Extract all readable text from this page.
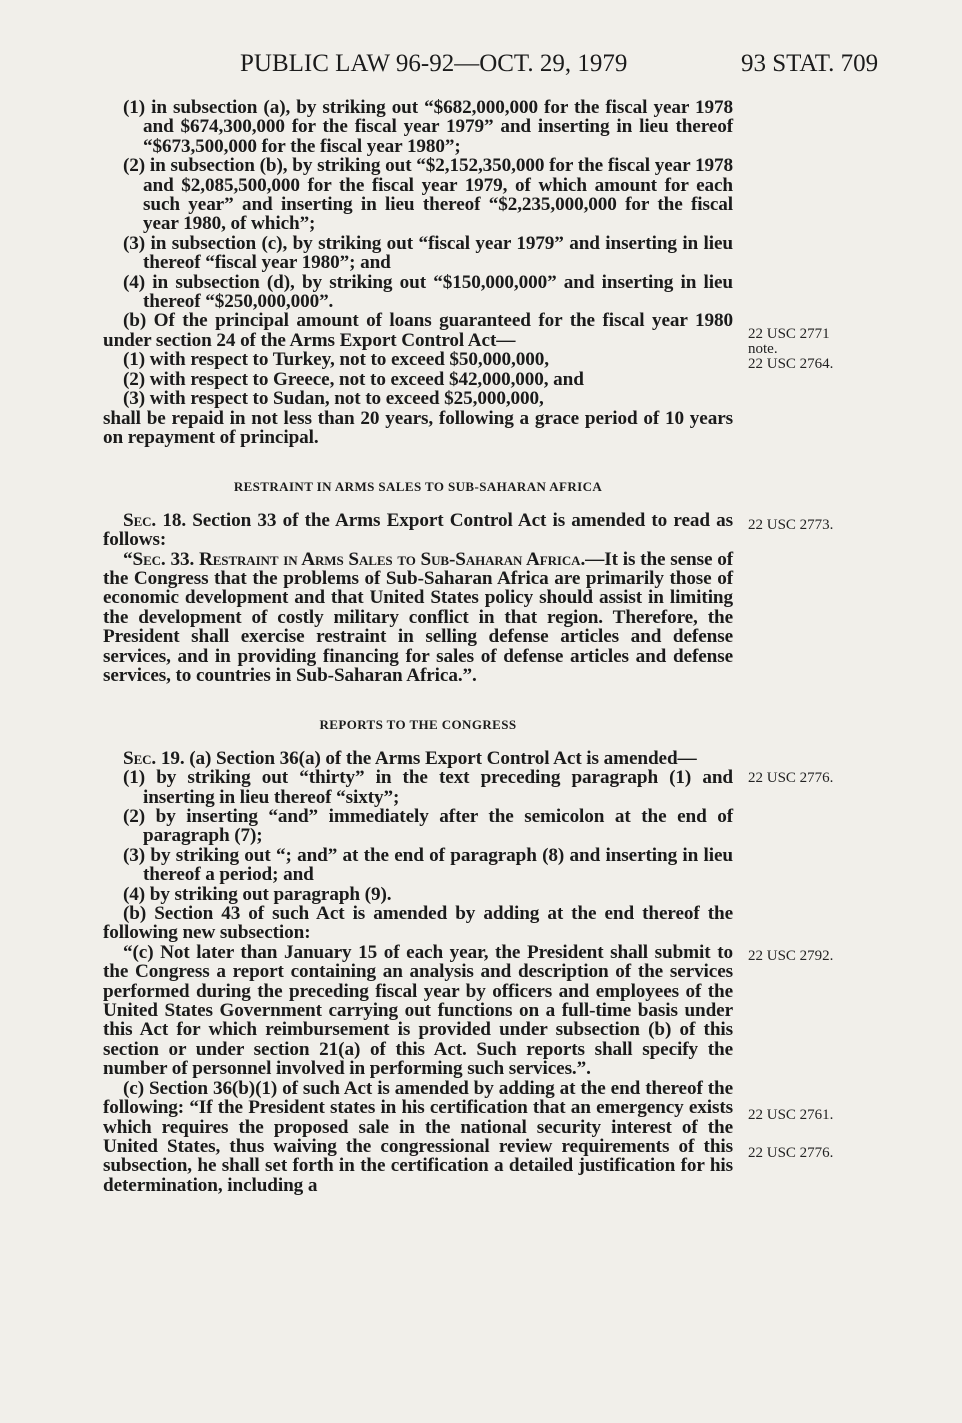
PUBLIC LAW 96-92—OCT. 29, 1979	93 STAT. 709

(1) in subsection (a), by striking out “$682,000,000 for the fiscal year 1978 and $674,300,000 for the fiscal year 1979” and inserting in lieu thereof “$673,500,000 for the fiscal year 1980”;

(2) in subsection (b), by striking out “$2,152,350,000 for the fiscal year 1978 and $2,085,500,000 for the fiscal year 1979, of which amount for each such year” and inserting in lieu thereof “$2,235,000,000 for the fiscal year 1980, of which”;

(3) in subsection (c), by striking out “fiscal year 1979” and inserting in lieu thereof “fiscal year 1980”; and

(4) in subsection (d), by striking out “$150,000,000” and inserting in lieu thereof “$250,000,000”.

(b) Of the principal amount of loans guaranteed for the fiscal year 1980 under section 24 of the Arms Export Control Act—

(1) with respect to Turkey, not to exceed $50,000,000,

(2) with respect to Greece, not to exceed $42,000,000, and

(3) with respect to Sudan, not to exceed $25,000,000,

shall be repaid in not less than 20 years, following a grace period of 10 years on repayment of principal.

RESTRAINT IN ARMS SALES TO SUB-SAHARAN AFRICA

Sec. 18. Section 33 of the Arms Export Control Act is amended to read as follows:

“Sec. 33. Restraint in Arms Sales to Sub-Saharan Africa.—It is the sense of the Congress that the problems of Sub-Saharan Africa are primarily those of economic development and that United States policy should assist in limiting the development of costly military conflict in that region. Therefore, the President shall exercise restraint in selling defense articles and defense services, and in providing financing for sales of defense articles and defense services, to countries in Sub-Saharan Africa.”.

REPORTS TO THE CONGRESS

Sec. 19. (a) Section 36(a) of the Arms Export Control Act is amended—

(1) by striking out “thirty” in the text preceding paragraph (1) and inserting in lieu thereof “sixty”;

(2) by inserting “and” immediately after the semicolon at the end of paragraph (7);

(3) by striking out “; and” at the end of paragraph (8) and inserting in lieu thereof a period; and

(4) by striking out paragraph (9).

(b) Section 43 of such Act is amended by adding at the end thereof the following new subsection:

“(c) Not later than January 15 of each year, the President shall submit to the Congress a report containing an analysis and description of the services performed during the preceding fiscal year by officers and employees of the United States Government carrying out functions on a full-time basis under this Act for which reimbursement is provided under subsection (b) of this section or under section 21(a) of this Act. Such reports shall specify the number of personnel involved in performing such services.”.

(c) Section 36(b)(1) of such Act is amended by adding at the end thereof the following: “If the President states in his certification that an emergency exists which requires the proposed sale in the national security interest of the United States, thus waiving the congressional review requirements of this subsection, he shall set forth in the certification a detailed justification for his determination, including a

22 USC 2771
note.
22 USC 2764.
22 USC 2773.
22 USC 2776.
22 USC 2792.
22 USC 2761.
22 USC 2776.
